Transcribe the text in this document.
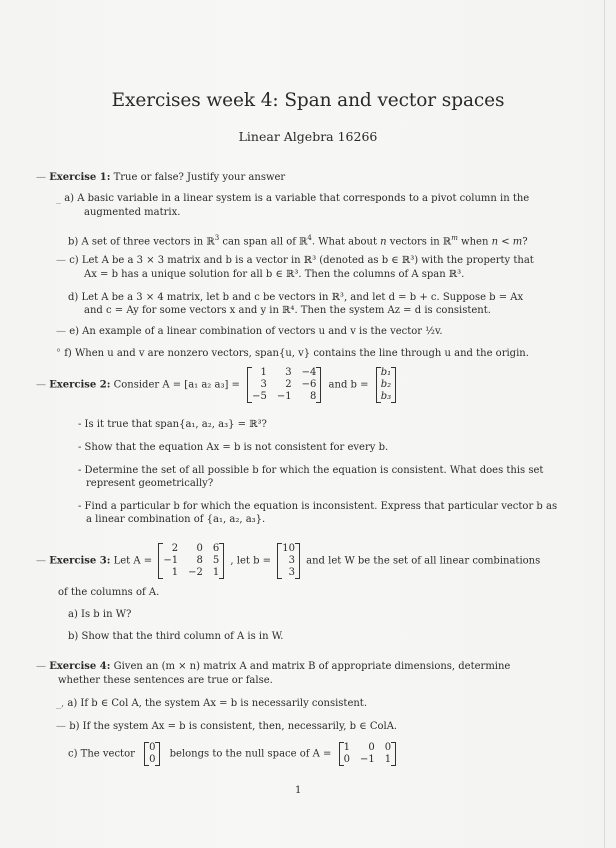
Exercises week 4: Span and vector spaces
Linear Algebra 16266
— Exercise 1: True or false? Justify your answer
_ a) A basic variable in a linear system is a variable that corresponds to a pivot column in the
augmented matrix.
b) A set of three vectors in ℝ$^3$ can span all of ℝ$^4$. What about n vectors in ℝ$^m$ when n < m?
— c) Let A be a 3 × 3 matrix and b is a vector in ℝ³ (denoted as b ∈ ℝ³) with the property that
Ax = b has a unique solution for all b ∈ ℝ³. Then the columns of A span ℝ³.
d) Let A be a 3 × 4 matrix, let b and c be vectors in ℝ³, and let d = b + c. Suppose b = Ax
and c = Ay for some vectors x and y in ℝ⁴. Then the system Az = d is consistent.
— e) An example of a linear combination of vectors u and v is the vector ½v.
° f) When u and v are nonzero vectors, span{u, v} contains the line through u and the origin.
— Exercise 2: Consider A = [a₁ a₂ a₃] =
1	3	−4
3	2	−6
−5	−1	8
and b =
b₁
b₂
b₃
- Is it true that span{a₁, a₂, a₃} = ℝ³?
- Show that the equation Ax = b is not consistent for every b.
- Determine the set of all possible b for which the equation is consistent. What does this set
represent geometrically?
- Find a particular b for which the equation is inconsistent. Express that particular vector b as
a linear combination of {a₁, a₂, a₃}.
— Exercise 3: Let A =
2	0	6
−1	8	5
1	−2	1
, let b =
10
3
3
and let W be the set of all linear combinations
of the columns of A.
a) Is b in W?
b) Show that the third column of A is in W.
— Exercise 4: Given an (m × n) matrix A and matrix B of appropriate dimensions, determine
whether these sentences are true or false.
_, a) If b ∈ Col A, the system Ax = b is necessarily consistent.
— b) If the system Ax = b is consistent, then, necessarily, b ∈ ColA.
c) The vector
0
0 belongs to the null space of A =
1	0	0
0	−1	1
1
